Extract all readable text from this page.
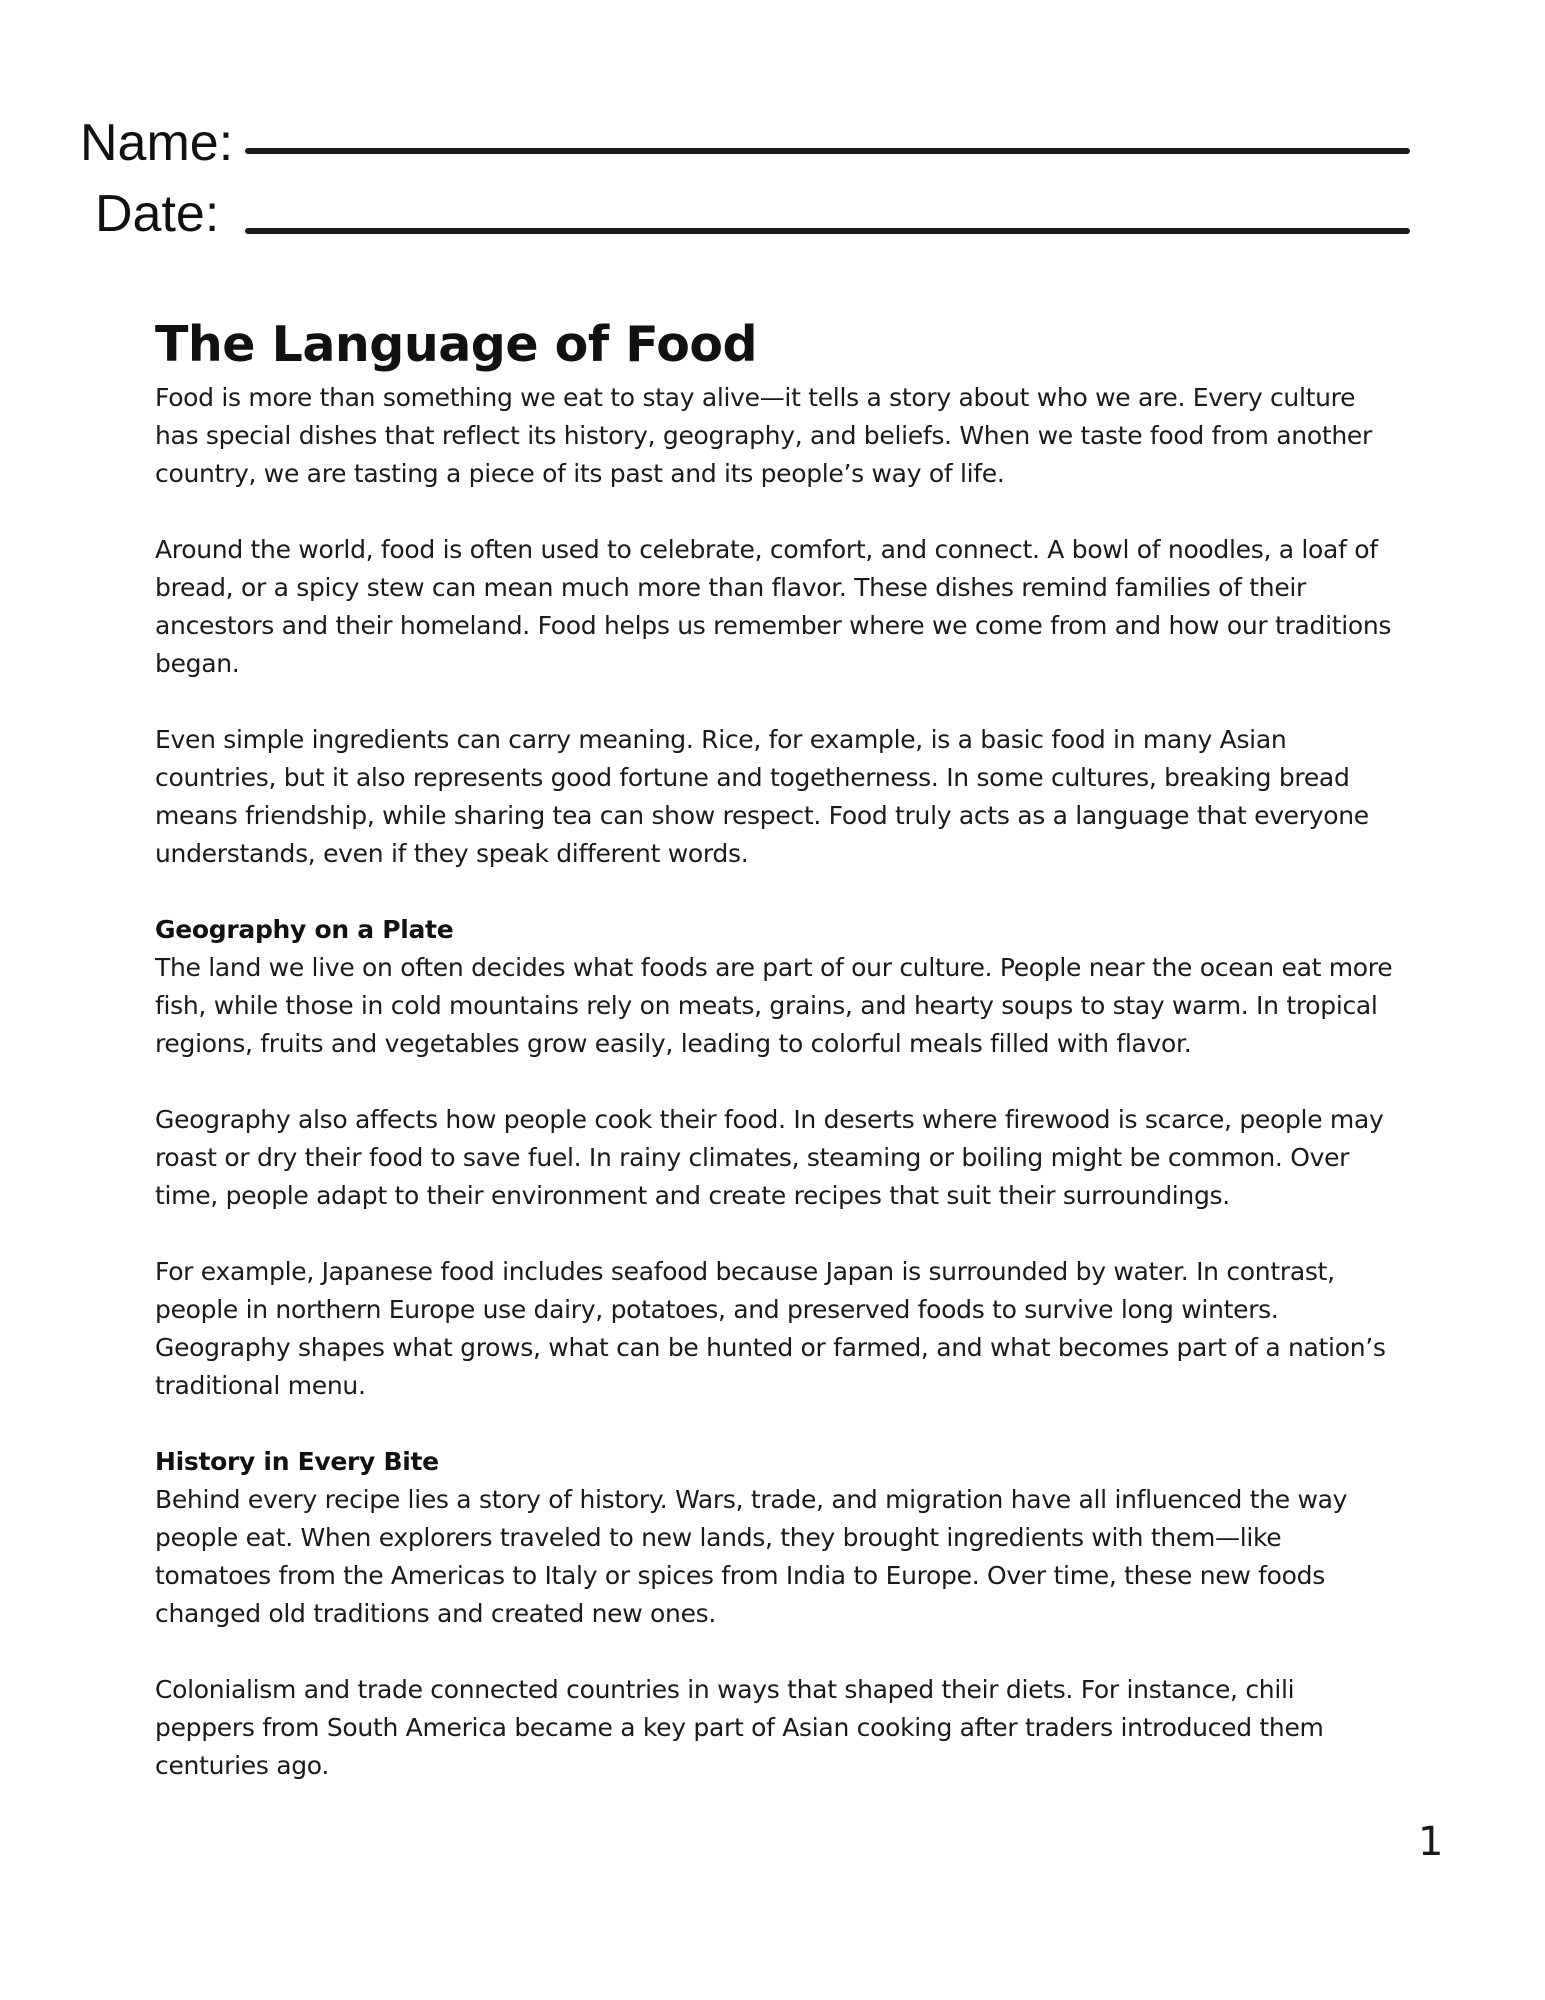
Name:
Date:
The Language of Food

Food is more than something we eat to stay alive—it tells a story about who we are. Every culture has special dishes that reflect its history, geography, and beliefs. When we taste food from another country, we are tasting a piece of its past and its people’s way of life.

Around the world, food is often used to celebrate, comfort, and connect. A bowl of noodles, a loaf of bread, or a spicy stew can mean much more than flavor. These dishes remind families of their ancestors and their homeland. Food helps us remember where we come from and how our traditions began.

Even simple ingredients can carry meaning. Rice, for example, is a basic food in many Asian countries, but it also represents good fortune and togetherness. In some cultures, breaking bread means friendship, while sharing tea can show respect. Food truly acts as a language that everyone understands, even if they speak different words.

Geography on a Plate

The land we live on often decides what foods are part of our culture. People near the ocean eat more fish, while those in cold mountains rely on meats, grains, and hearty soups to stay warm. In tropical regions, fruits and vegetables grow easily, leading to colorful meals filled with flavor.

Geography also affects how people cook their food. In deserts where firewood is scarce, people may roast or dry their food to save fuel. In rainy climates, steaming or boiling might be common. Over time, people adapt to their environment and create recipes that suit their surroundings.

For example, Japanese food includes seafood because Japan is surrounded by water. In contrast, people in northern Europe use dairy, potatoes, and preserved foods to survive long winters. Geography shapes what grows, what can be hunted or farmed, and what becomes part of a nation’s traditional menu.

History in Every Bite

Behind every recipe lies a story of history. Wars, trade, and migration have all influenced the way people eat. When explorers traveled to new lands, they brought ingredients with them—like tomatoes from the Americas to Italy or spices from India to Europe. Over time, these new foods changed old traditions and created new ones.

Colonialism and trade connected countries in ways that shaped their diets. For instance, chili peppers from South America became a key part of Asian cooking after traders introduced them centuries ago.

1
